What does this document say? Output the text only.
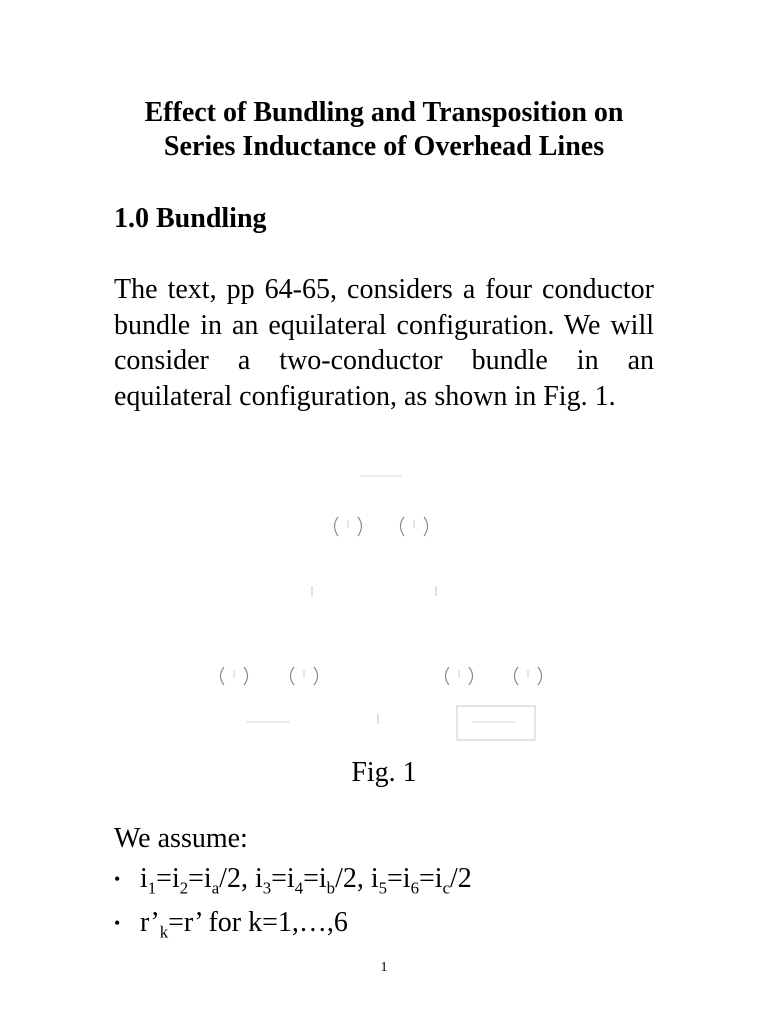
Effect of Bundling and Transposition on
Series Inductance of Overhead Lines
1.0 Bundling
The text, pp 64-65, considers a four conductor bundle in an equilateral configuration. We will consider a two-conductor bundle in an equilateral configuration, as shown in Fig. 1.
Fig. 1
We assume:
• $i_1=i_2=i_a/2$, $i_3=i_4=i_b/2$, $i_5=i_6=i_c/2$
• $r’_k=r$’ for k=1,…,6
1
